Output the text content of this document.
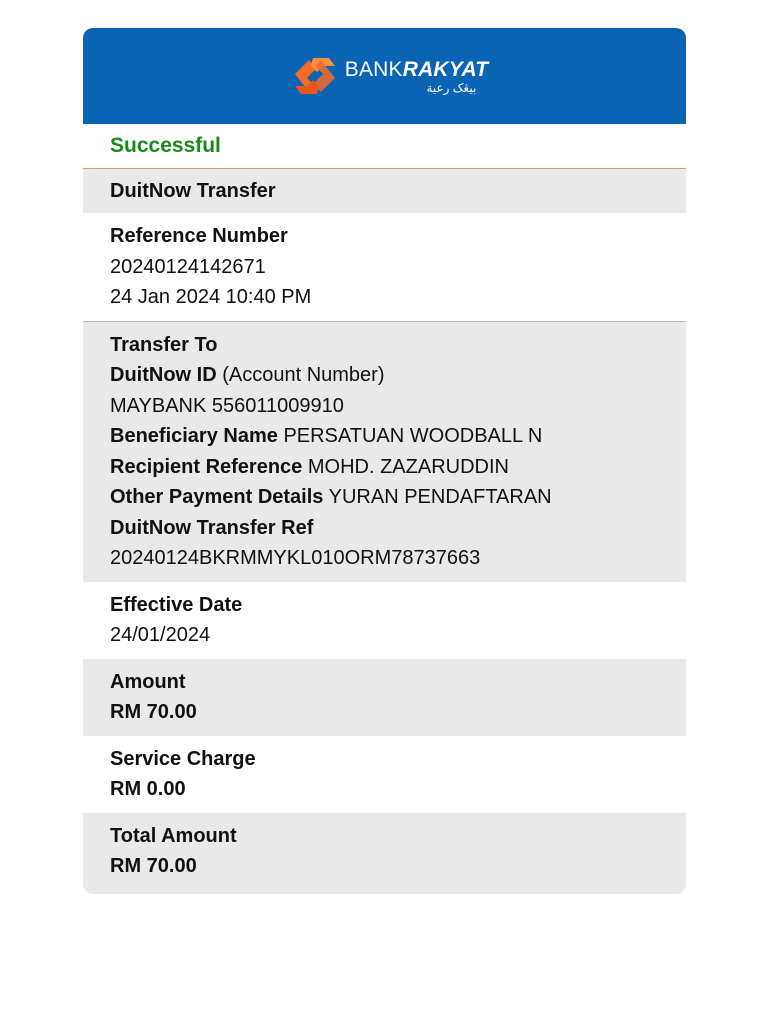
BANKRAKYAT
بيڠک رعية
Successful
DuitNow Transfer
Reference Number
20240124142671
24 Jan 2024 10:40 PM
Transfer To
DuitNow ID (Account Number)
MAYBANK 556011009910
Beneficiary Name PERSATUAN WOODBALL N
Recipient Reference MOHD. ZAZARUDDIN
Other Payment Details YURAN PENDAFTARAN
DuitNow Transfer Ref
20240124BKRMMYKL010ORM78737663
Effective Date
24/01/2024
Amount
RM 70.00
Service Charge
RM 0.00
Total Amount
RM 70.00
